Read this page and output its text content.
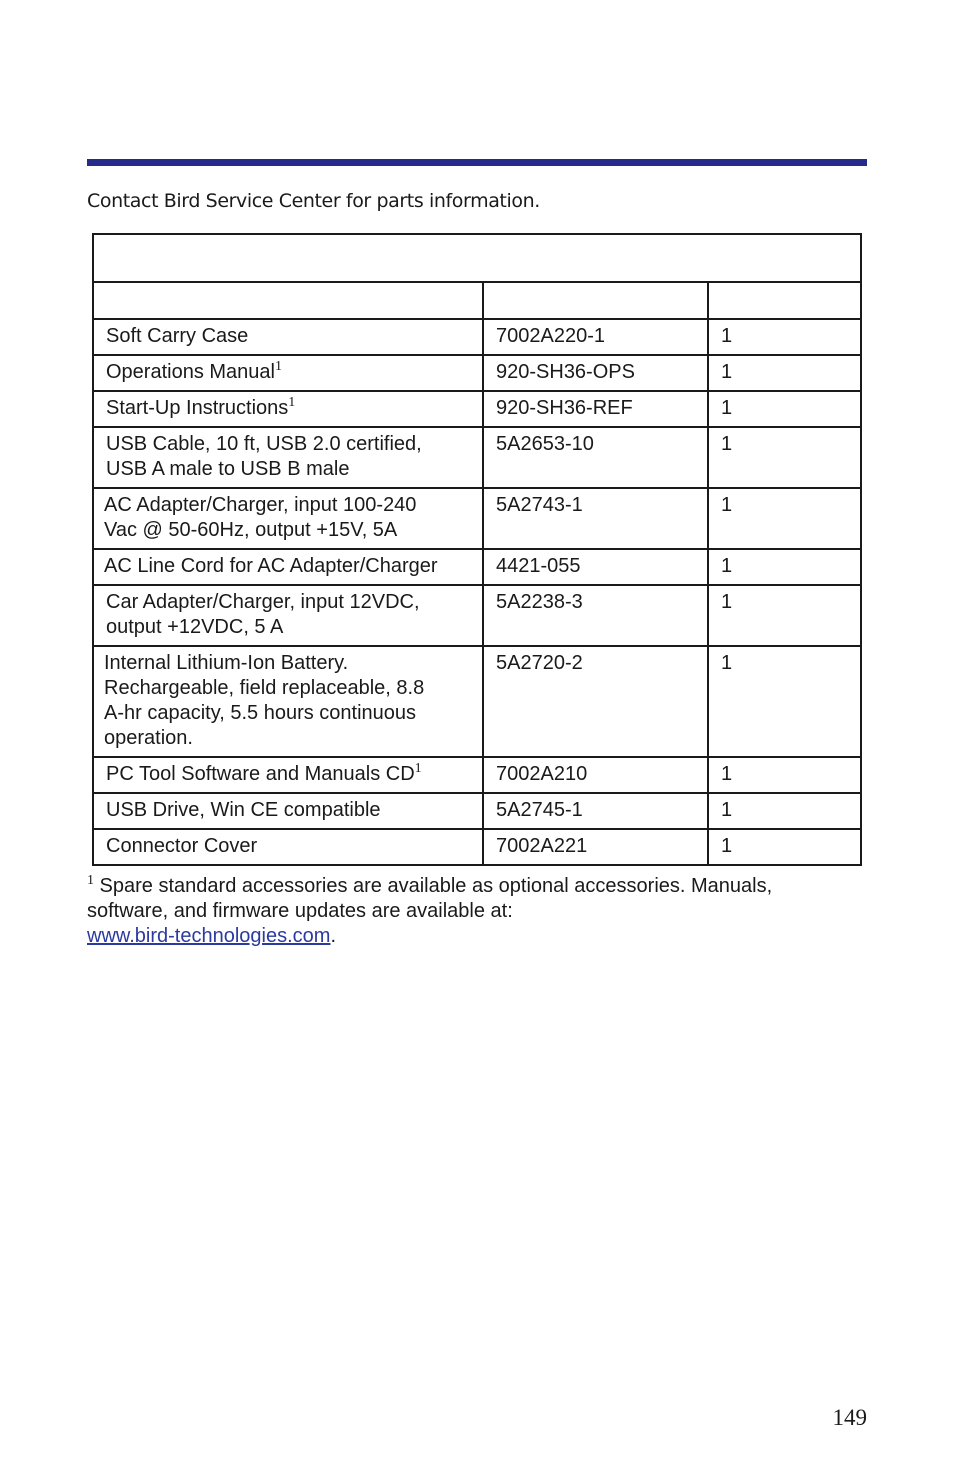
Contact Bird Service Center for parts information.

Soft Carry Case	7002A220-1	1
Operations Manual$^1$	920-SH36-OPS	1
Start-Up Instructions$^1$	920-SH36-REF	1
USB Cable, 10 ft, USB 2.0 certified,
USB A male to USB B male	5A2653-10	1
AC Adapter/Charger, input 100-240
Vac @ 50-60Hz, output +15V, 5A	5A2743-1	1
AC Line Cord for AC Adapter/Charger	4421-055	1
Car Adapter/Charger, input 12VDC,
output +12VDC, 5 A	5A2238-3	1
Internal Lithium-Ion Battery.
Rechargeable, field replaceable, 8.8
A-hr capacity, 5.5 hours continuous
operation.	5A2720-2	1
PC Tool Software and Manuals $CD^1$	7002A210	1
USB Drive, Win CE compatible	5A2745-1	1
Connector Cover	7002A221	1
$^1$ Spare standard accessories are available as optional accessories. Manuals,
software, and firmware updates are available at:
www.bird-technologies.com.
149
